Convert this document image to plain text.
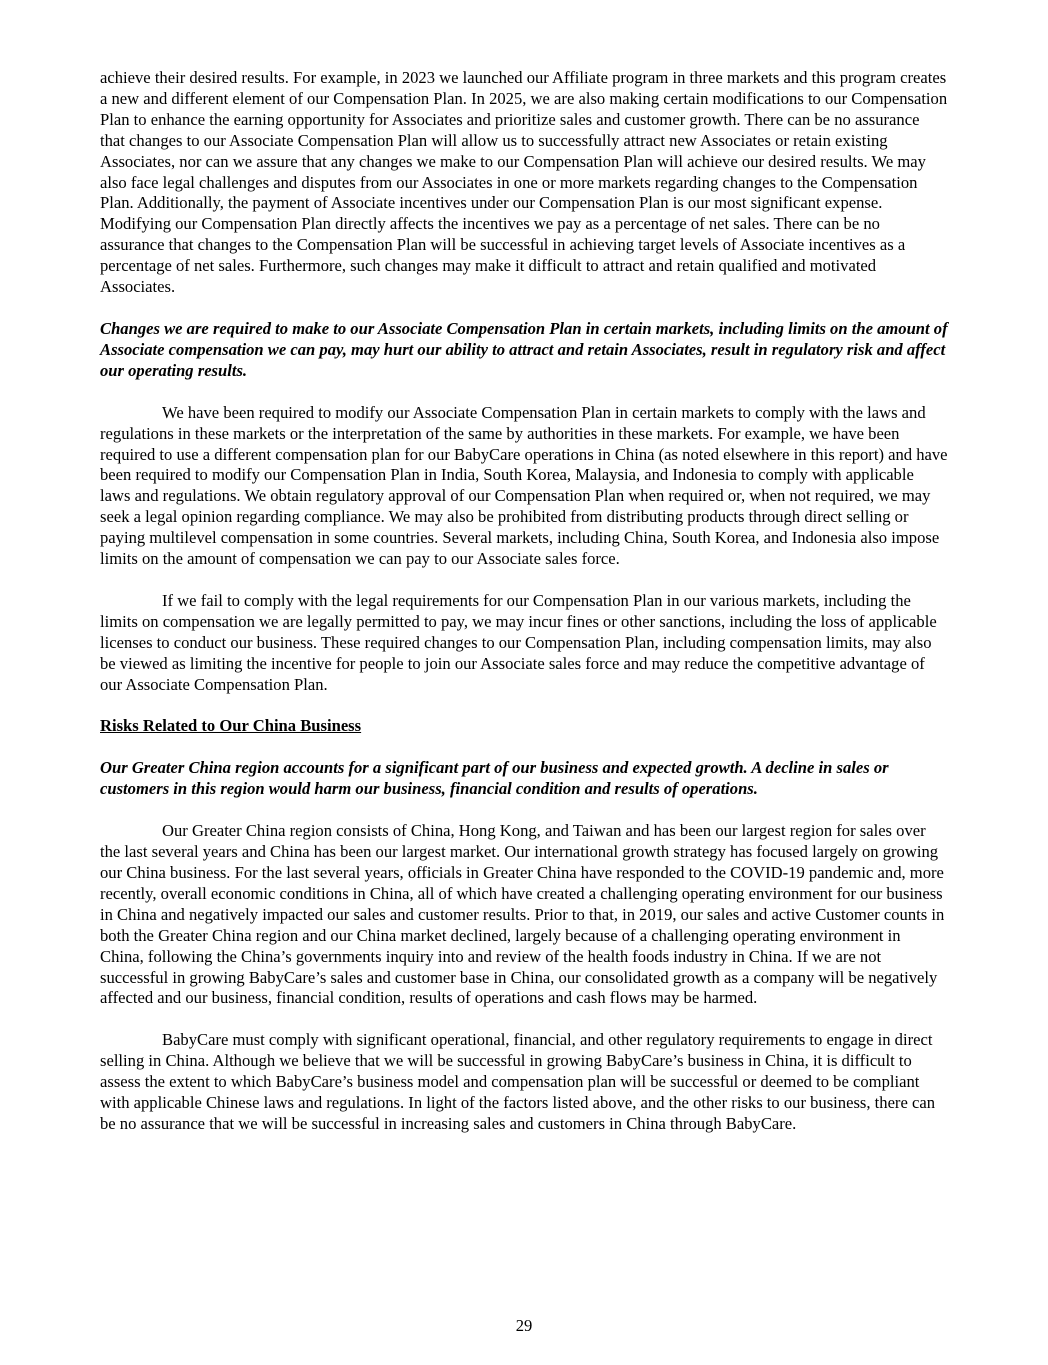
achieve their desired results. For example, in 2023 we launched our Affiliate program in three markets and this program creates a new and different element of our Compensation Plan. In 2025, we are also making certain modifications to our Compensation Plan to enhance the earning opportunity for Associates and prioritize sales and customer growth. There can be no assurance that changes to our Associate Compensation Plan will allow us to successfully attract new Associates or retain existing Associates, nor can we assure that any changes we make to our Compensation Plan will achieve our desired results. We may also face legal challenges and disputes from our Associates in one or more markets regarding changes to the Compensation Plan. Additionally, the payment of Associate incentives under our Compensation Plan is our most significant expense. Modifying our Compensation Plan directly affects the incentives we pay as a percentage of net sales. There can be no assurance that changes to the Compensation Plan will be successful in achieving target levels of Associate incentives as a percentage of net sales. Furthermore, such changes may make it difficult to attract and retain qualified and motivated Associates.

Changes we are required to make to our Associate Compensation Plan in certain markets, including limits on the amount of Associate compensation we can pay, may hurt our ability to attract and retain Associates, result in regulatory risk and affect our operating results.

We have been required to modify our Associate Compensation Plan in certain markets to comply with the laws and regulations in these markets or the interpretation of the same by authorities in these markets. For example, we have been required to use a different compensation plan for our BabyCare operations in China (as noted elsewhere in this report) and have been required to modify our Compensation Plan in India, South Korea, Malaysia, and Indonesia to comply with applicable laws and regulations. We obtain regulatory approval of our Compensation Plan when required or, when not required, we may seek a legal opinion regarding compliance. We may also be prohibited from distributing products through direct selling or paying multilevel compensation in some countries. Several markets, including China, South Korea, and Indonesia also impose limits on the amount of compensation we can pay to our Associate sales force.

If we fail to comply with the legal requirements for our Compensation Plan in our various markets, including the limits on compensation we are legally permitted to pay, we may incur fines or other sanctions, including the loss of applicable licenses to conduct our business. These required changes to our Compensation Plan, including compensation limits, may also be viewed as limiting the incentive for people to join our Associate sales force and may reduce the competitive advantage of our Associate Compensation Plan.

Risks Related to Our China Business

Our Greater China region accounts for a significant part of our business and expected growth. A decline in sales or customers in this region would harm our business, financial condition and results of operations.

Our Greater China region consists of China, Hong Kong, and Taiwan and has been our largest region for sales over the last several years and China has been our largest market. Our international growth strategy has focused largely on growing our China business. For the last several years, officials in Greater China have responded to the COVID-19 pandemic and, more recently, overall economic conditions in China, all of which have created a challenging operating environment for our business in China and negatively impacted our sales and customer results. Prior to that, in 2019, our sales and active Customer counts in both the Greater China region and our China market declined, largely because of a challenging operating environment in China, following the China’s governments inquiry into and review of the health foods industry in China. If we are not successful in growing BabyCare’s sales and customer base in China, our consolidated growth as a company will be negatively affected and our business, financial condition, results of operations and cash flows may be harmed.

BabyCare must comply with significant operational, financial, and other regulatory requirements to engage in direct selling in China. Although we believe that we will be successful in growing BabyCare’s business in China, it is difficult to assess the extent to which BabyCare’s business model and compensation plan will be successful or deemed to be compliant with applicable Chinese laws and regulations. In light of the factors listed above, and the other risks to our business, there can be no assurance that we will be successful in increasing sales and customers in China through BabyCare.

29
